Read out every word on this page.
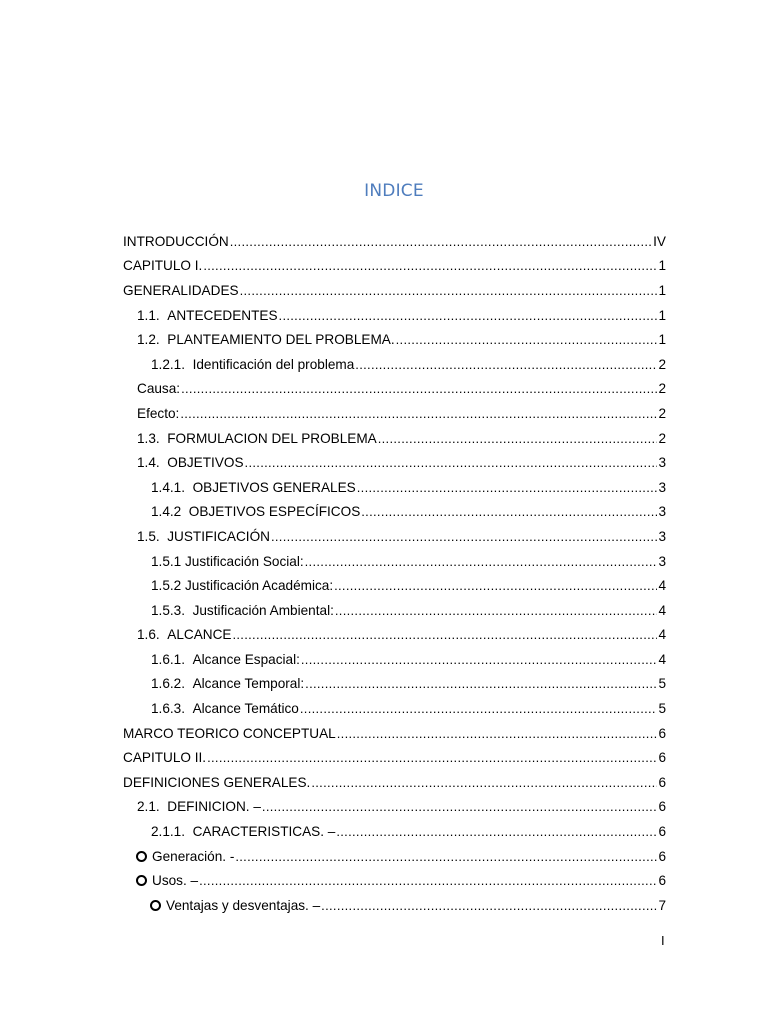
INDICE
INTRODUCCIÓN .....	IV
CAPITULO I. .....	1
GENERALIDADES .....	1
1.1. ANTECEDENTES .....	1
1.2. PLANTEAMIENTO DEL PROBLEMA. .....	1
1.2.1. Identificación del problema .....	2
Causa: .....	2
Efecto: .....	2
1.3. FORMULACION DEL PROBLEMA .....	2
1.4. OBJETIVOS .....	3
1.4.1. OBJETIVOS GENERALES .....	3
1.4.2 OBJETIVOS ESPECÍFICOS .....	3
1.5. JUSTIFICACIÓN .....	3
1.5.1 Justificación Social: .....	3
1.5.2 Justificación Académica: .....	4
1.5.3. Justificación Ambiental: .....	4
1.6. ALCANCE .....	4
1.6.1. Alcance Espacial: .....	4
1.6.2. Alcance Temporal: .....	5
1.6.3. Alcance Temático .....	5
MARCO TEORICO CONCEPTUAL .....	6
CAPITULO II. .....	6
DEFINICIONES GENERALES. .....	6
2.1. DEFINICION. – .....	6
2.1.1. CARACTERISTICAS. – .....	6
Generación. - .....	6
Usos. – .....	6
Ventajas y desventajas. – .....	7
I
